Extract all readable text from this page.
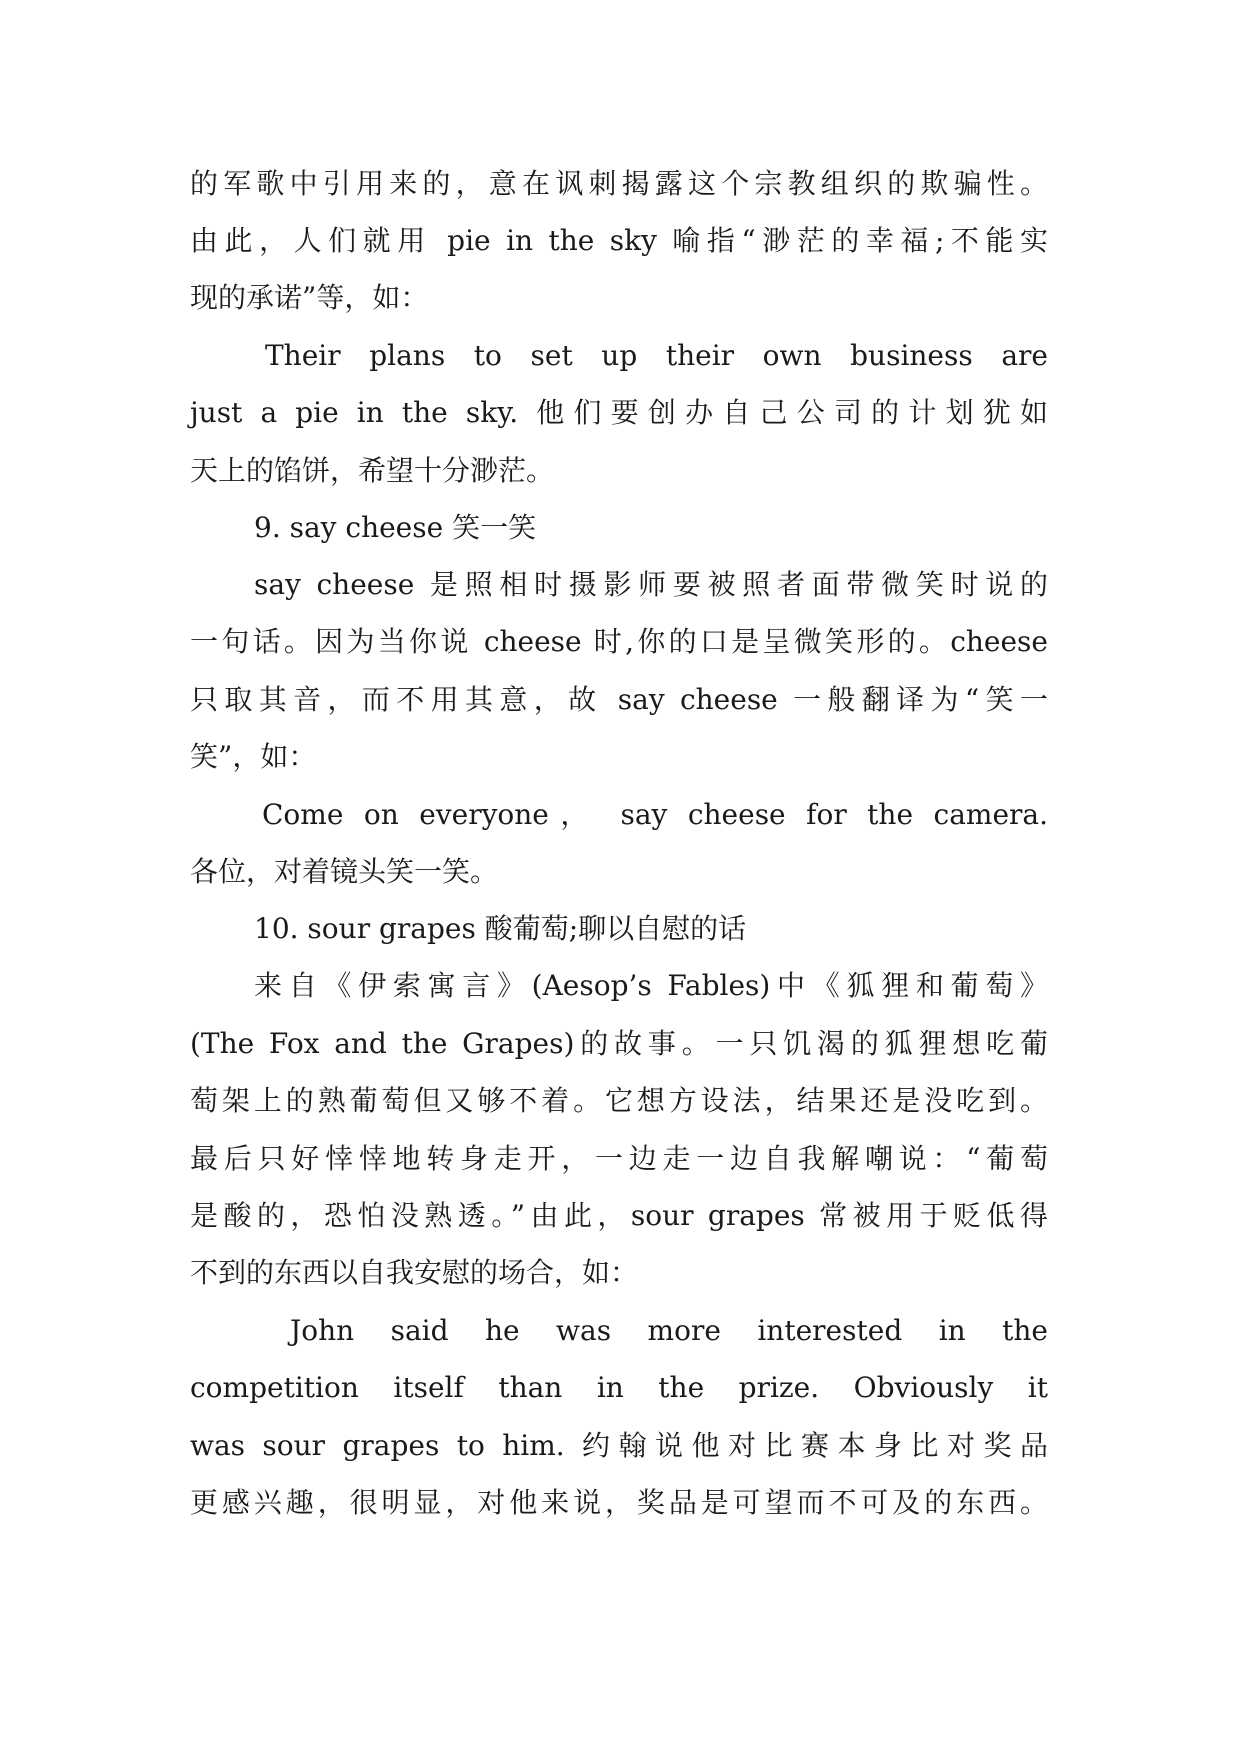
的军歌中引用来的，意在讽刺揭露这个宗教组织的欺骗性。
由此，人们就用 pie in the sky 喻指“渺茫的幸福;不能实
现的承诺”等，如：
Their plans to set up their own business are
just a pie in the sky. 他们要创办自己公司的计划犹如
天上的馅饼，希望十分渺茫。
9. say cheese 笑一笑
say cheese 是照相时摄影师要被照者面带微笑时说的
一句话。因为当你说 cheese 时,你的口是呈微笑形的。cheese
只取其音，而不用其意，故 say cheese 一般翻译为“笑一
笑”，如：
Come on everyone， say cheese for the camera.
各位，对着镜头笑一笑。
10. sour grapes 酸葡萄;聊以自慰的话
来自《伊索寓言》(Aesop’s Fables)中《狐狸和葡萄》
(The Fox and the Grapes)的故事。一只饥渴的狐狸想吃葡
萄架上的熟葡萄但又够不着。它想方设法，结果还是没吃到。
最后只好悻悻地转身走开，一边走一边自我解嘲说：“葡萄
是酸的，恐怕没熟透。”由此，sour grapes 常被用于贬低得
不到的东西以自我安慰的场合，如：
John said he was more interested in the
competition itself than in the prize. Obviously it
was sour grapes to him. 约翰说他对比赛本身比对奖品
更感兴趣，很明显，对他来说，奖品是可望而不可及的东西。
